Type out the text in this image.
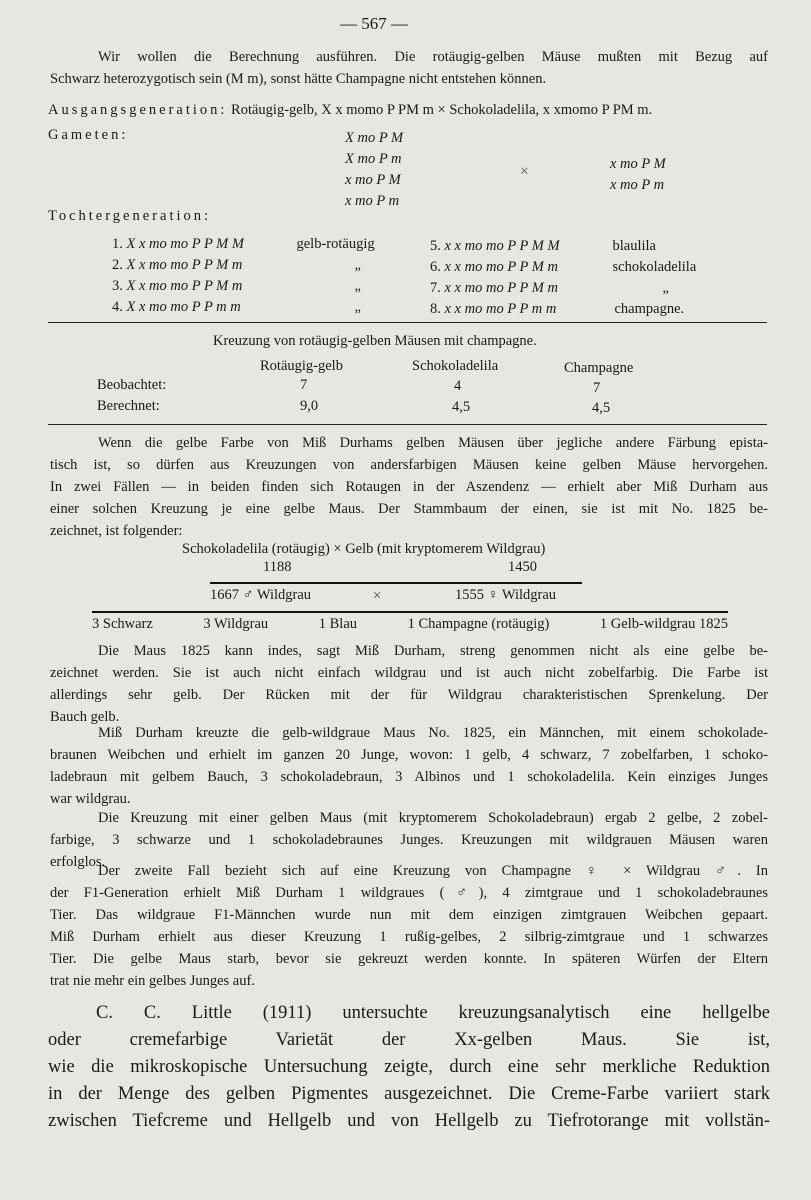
— 567 —
Wir wollen die Berechnung ausführen. Die rotäugig-gelben Mäuse mußten mit Bezug auf
Schwarz heterozygotisch sein (M m), sonst hätte Champagne nicht entstehen können.
Ausgangsgeneration: Rotäugig-gelb, X x momo P PM m × Schokoladelila, x xmomo P PM m.
Gameten:	X mo P M
X mo P m
x mo P M
x mo P m
×	x mo P M
x mo P m
Tochtergeneration:
1. X x mo mo P P M M	gelb-rotäugig
2. X x mo mo P P M m	„
3. X x mo mo P P M m	„
4. X x mo mo P P m m	„
5. x x mo mo P P M M	blaulila
6. x x mo mo P P M m	schokoladelila
7. x x mo mo P P M m	„
8. x x mo mo P P m m	champagne.
Kreuzung von rotäugig-gelben Mäusen mit champagne.
Rotäugig-gelb	Schokoladelila	Champagne
Beobachtet:	7	4	7
Berechnet:	9,0	4,5	4,5
Wenn die gelbe Farbe von Miß Durhams gelben Mäusen über jegliche andere Färbung epista-
tisch ist, so dürfen aus Kreuzungen von andersfarbigen Mäusen keine gelben Mäuse hervorgehen.
In zwei Fällen — in beiden finden sich Rotaugen in der Aszendenz — erhielt aber Miß Durham aus
einer solchen Kreuzung je eine gelbe Maus. Der Stammbaum der einen, sie ist mit No. 1825 be-
zeichnet, ist folgender:
Schokoladelila (rotäugig) × Gelb (mit kryptomerem Wildgrau)
1188	1450
1667 ♂ Wildgrau	×	1555 ♀ Wildgrau
3 Schwarz	3 Wildgrau	1 Blau	1 Champagne (rotäugig)	1 Gelb-wildgrau 1825
Die Maus 1825 kann indes, sagt Miß Durham, streng genommen nicht als eine gelbe be-
zeichnet werden. Sie ist auch nicht einfach wildgrau und ist auch nicht zobelfarbig. Die Farbe ist
allerdings sehr gelb. Der Rücken mit der für Wildgrau charakteristischen Sprenkelung. Der
Bauch gelb.
Miß Durham kreuzte die gelb-wildgraue Maus No. 1825, ein Männchen, mit einem schokolade-
braunen Weibchen und erhielt im ganzen 20 Junge, wovon: 1 gelb, 4 schwarz, 7 zobelfarben, 1 schoko-
ladebraun mit gelbem Bauch, 3 schokoladebraun, 3 Albinos und 1 schokoladelila. Kein einziges Junges
war wildgrau.
Die Kreuzung mit einer gelben Maus (mit kryptomerem Schokoladebraun) ergab 2 gelbe, 2 zobel-
farbige, 3 schwarze und 1 schokoladebraunes Junges. Kreuzungen mit wildgrauen Mäusen waren
erfolglos.
Der zweite Fall bezieht sich auf eine Kreuzung von Champagne ♀ × Wildgrau ♂. In
der F1-Generation erhielt Miß Durham 1 wildgraues (♂), 4 zimtgraue und 1 schokoladebraunes
Tier. Das wildgraue F1-Männchen wurde nun mit dem einzigen zimtgrauen Weibchen gepaart.
Miß Durham erhielt aus dieser Kreuzung 1 rußig-gelbes, 2 silbrig-zimtgraue und 1 schwarzes
Tier. Die gelbe Maus starb, bevor sie gekreuzt werden konnte. In späteren Würfen der Eltern
trat nie mehr ein gelbes Junges auf.
C. C. Little (1911) untersuchte kreuzungsanalytisch eine hellgelbe
oder cremefarbige Varietät der Xx-gelben Maus. Sie ist,
wie die mikroskopische Untersuchung zeigte, durch eine sehr merkliche Reduktion
in der Menge des gelben Pigmentes ausgezeichnet. Die Creme-Farbe variiert stark
zwischen Tiefcreme und Hellgelb und von Hellgelb zu Tiefrotorange mit vollstän-
